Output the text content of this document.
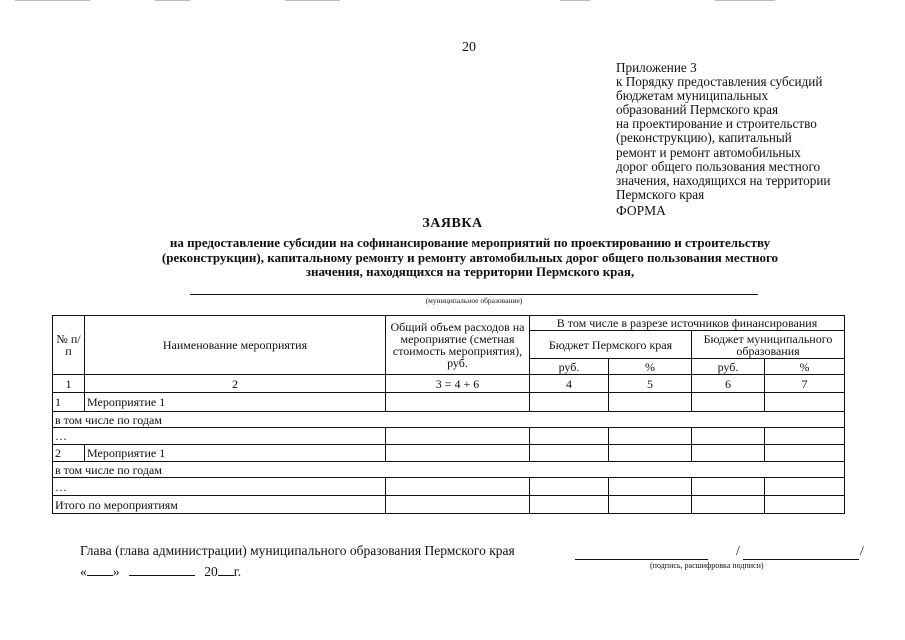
20
Приложение 3
к Порядку предоставления субсидий
бюджетам муниципальных
образований Пермского края
на проектирование и строительство
(реконструкцию), капитальный
ремонт и ремонт автомобильных
дорог общего пользования местного
значения, находящихся на территории
Пермского края
ФОРМА
ЗАЯВКА
на предоставление субсидии на софинансирование мероприятий по проектированию и строительству
(реконструкции), капитальному ремонту и ремонту автомобильных дорог общего пользования местного
значения, находящихся на территории Пермского края,
(муниципальное образование)
№ п/п	Наименование мероприятия	Общий объем расходов на мероприятие (сметная стоимость мероприятия), руб.	В том числе в разрезе источников финансирования			
			Бюджет Пермского края		Бюджет муниципального образования	
			руб.	%	руб.	%
1	2	3 = 4 + 6	4	5	6	7
1	Мероприятие 1					
в том числе по годам						
…						
2	Мероприятие 1					
в том числе по годам						
…						
Итого по мероприятиям						
Глава (глава администрации) муниципального образования Пермского края	/	/
(подпись, расшифровка подписи)
« »	20 г.
